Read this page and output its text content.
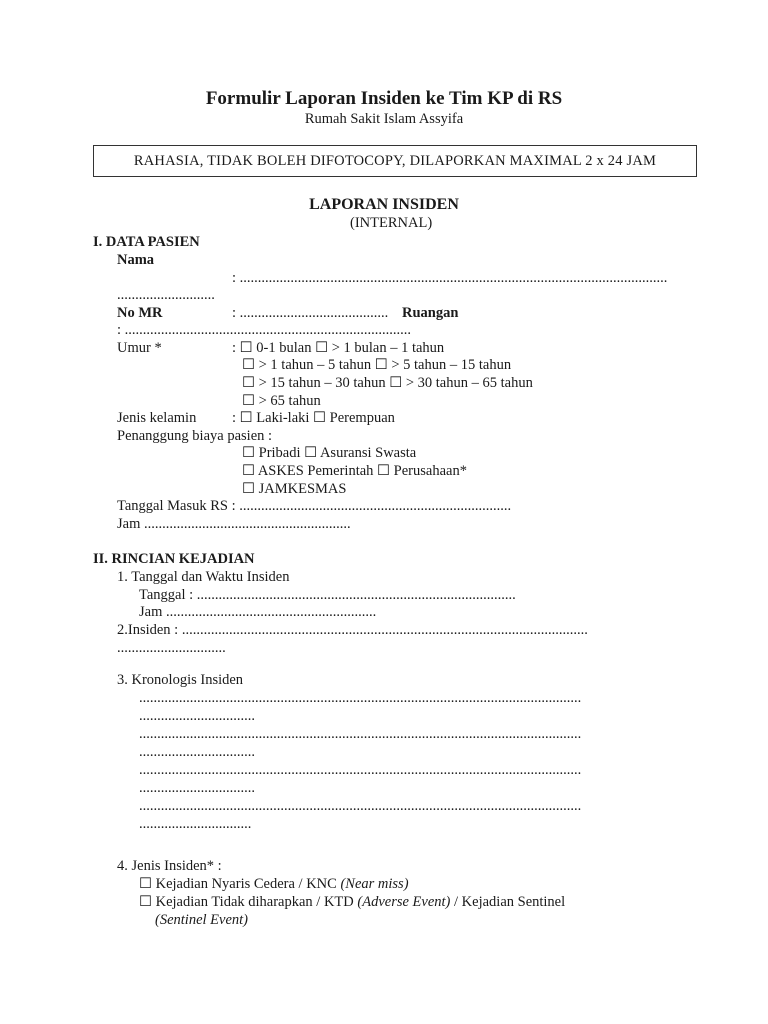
Formulir Laporan Insiden ke Tim KP di RS
Rumah Sakit Islam Assyifa
RAHASIA, TIDAK BOLEH DIFOTOCOPY, DILAPORKAN MAXIMAL 2 x 24 JAM
LAPORAN INSIDEN
(INTERNAL)
I. DATA PASIEN
Nama
: ......................................................................................................................
...........................
No MR	: ......................................... Ruangan
: ...............................................................................
Umur *	: ☐ 0-1 bulan ☐ > 1 bulan – 1 tahun
☐ > 1 tahun – 5 tahun ☐ > 5 tahun – 15 tahun
☐ > 15 tahun – 30 tahun ☐ > 30 tahun – 65 tahun
☐ > 65 tahun
Jenis kelamin : ☐ Laki-laki ☐ Perempuan
Penanggung biaya pasien :
☐ Pribadi ☐ Asuransi Swasta
☐ ASKES Pemerintah ☐ Perusahaan*
☐ JAMKESMAS
Tanggal Masuk RS : ...........................................................................
Jam .........................................................
II. RINCIAN KEJADIAN
1. Tanggal dan Waktu Insiden
Tanggal : ........................................................................................
Jam ..........................................................
2.Insiden : ................................................................................................................
..............................
3. Kronologis Insiden
..........................................................................................................................
................................
..........................................................................................................................
................................
..........................................................................................................................
................................
..........................................................................................................................
...............................
4. Jenis Insiden* :
☐ Kejadian Nyaris Cedera / KNC (Near miss)
☐ Kejadian Tidak diharapkan / KTD (Adverse Event) / Kejadian Sentinel
(Sentinel Event)
